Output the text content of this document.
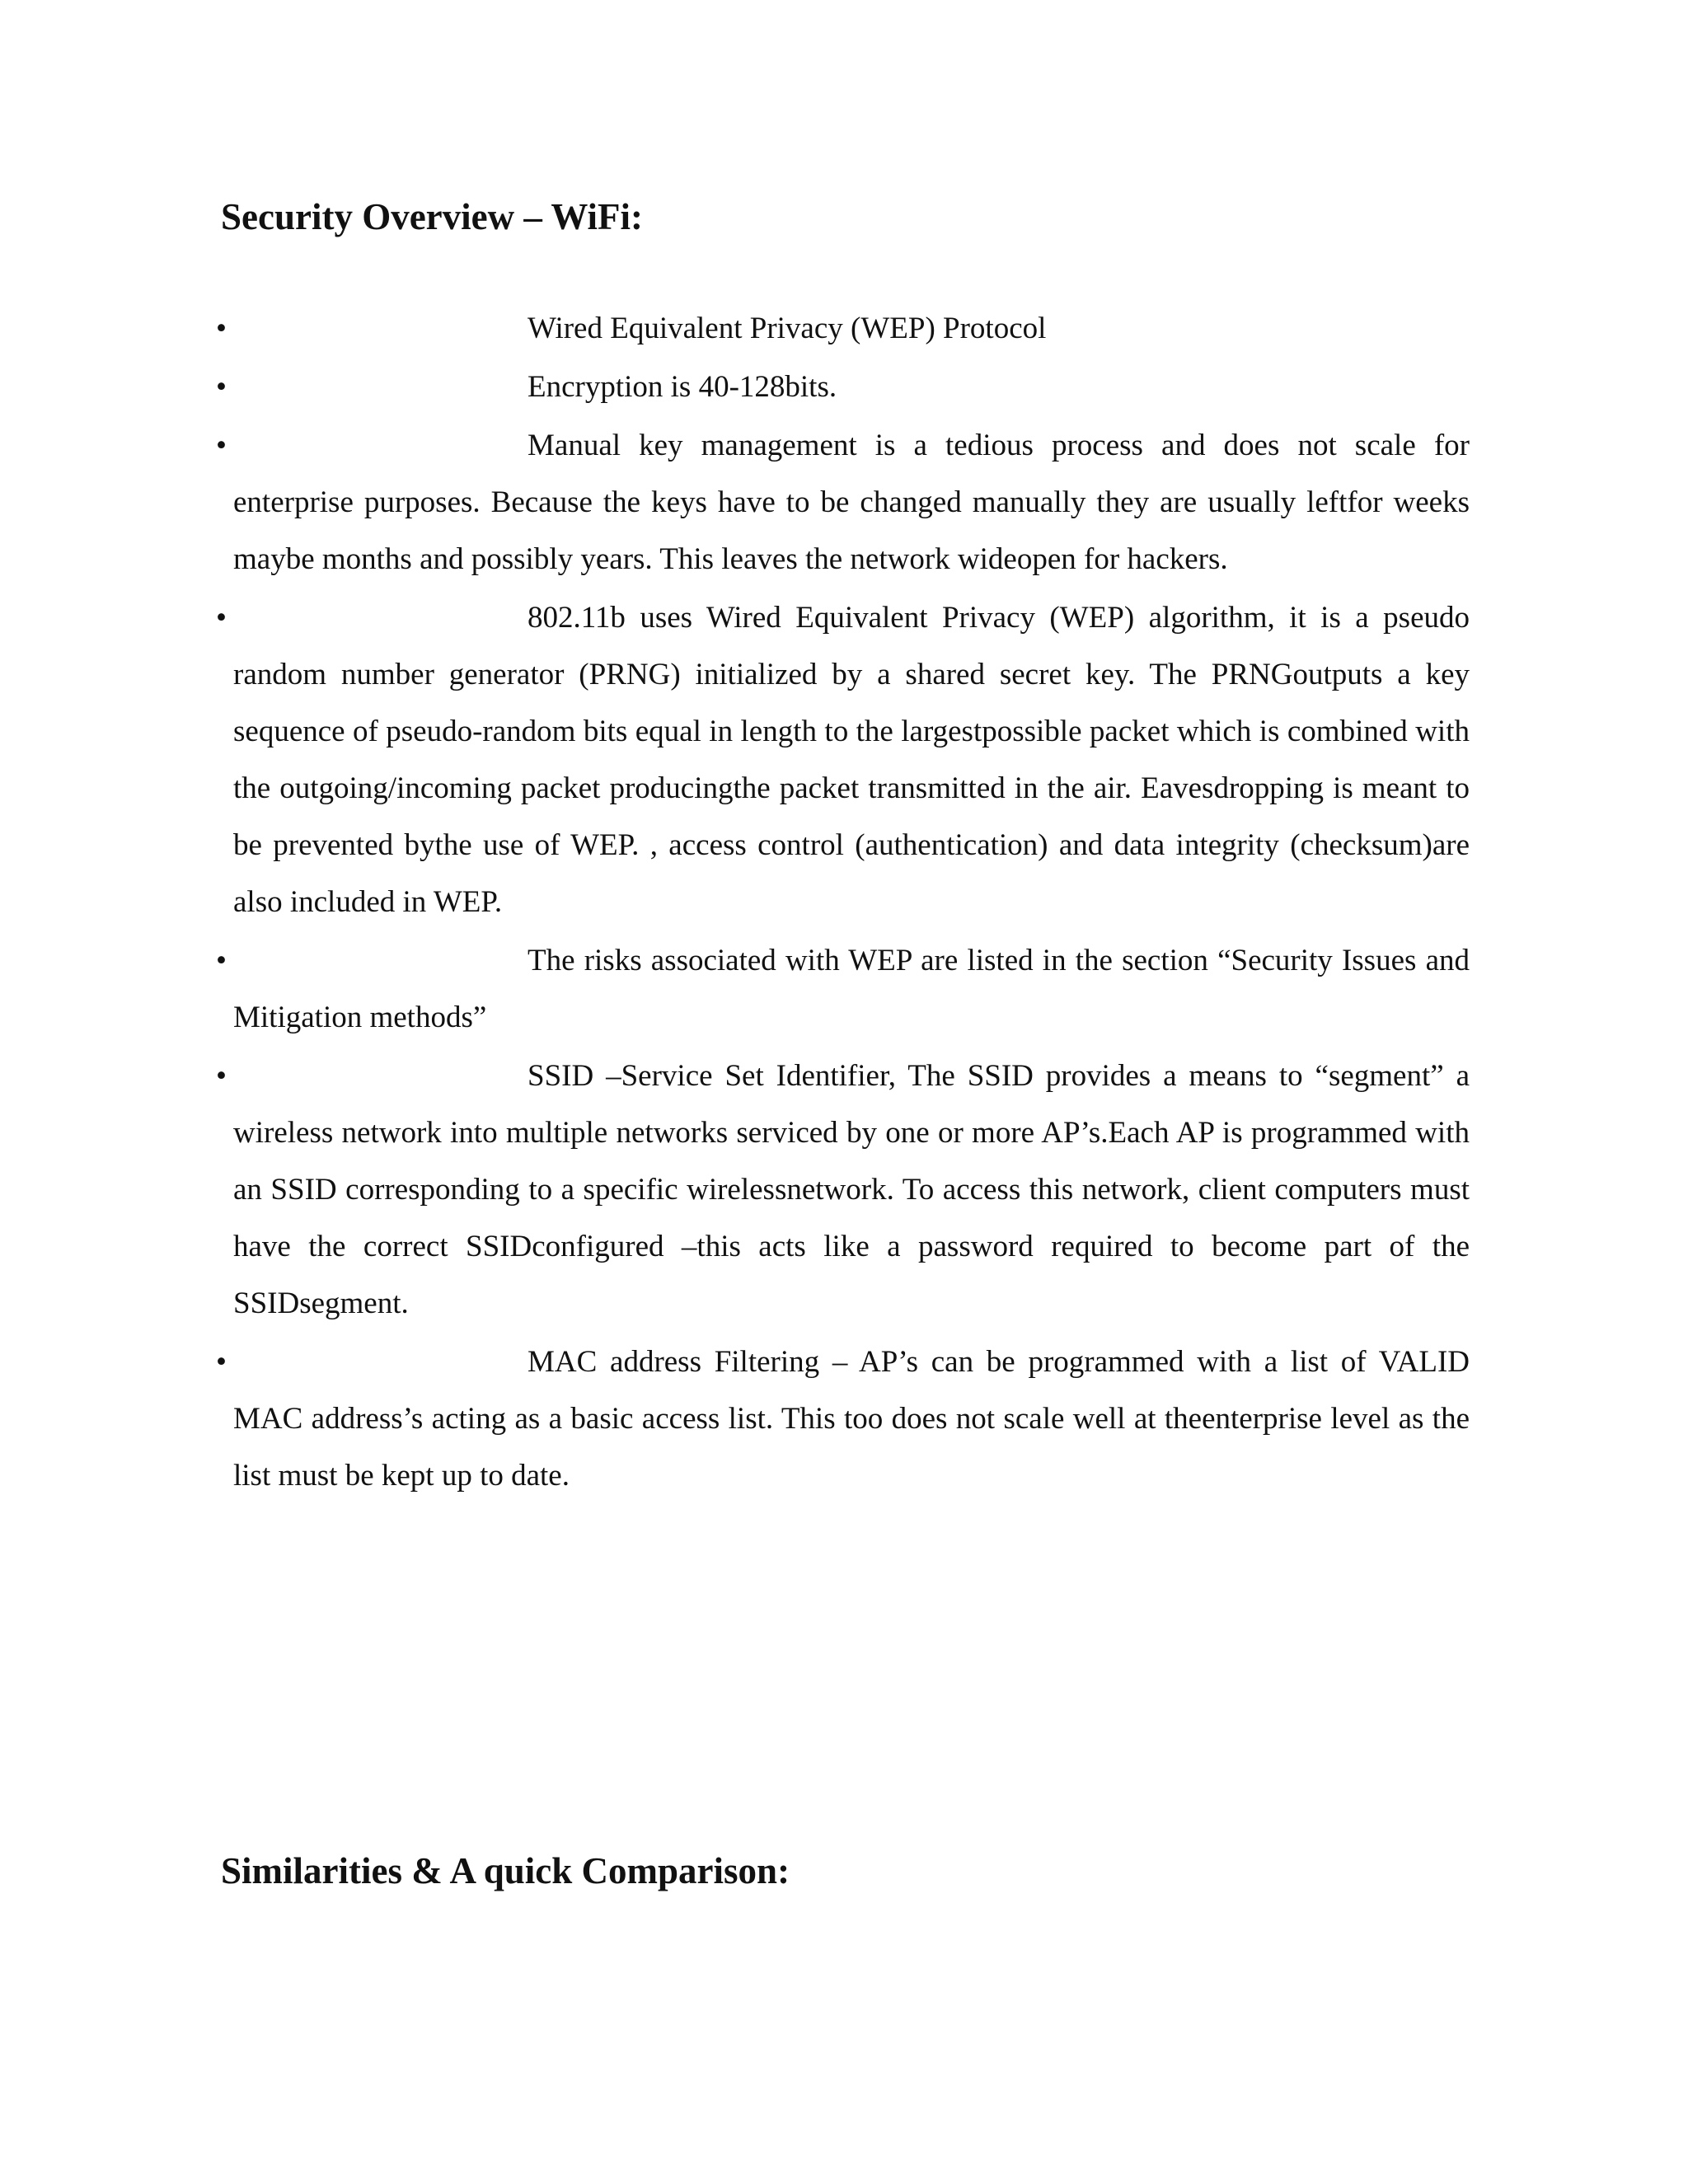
Security Overview – WiFi:
•	Wired Equivalent Privacy (WEP) Protocol
•	Encryption is 40-128bits.
•	Manual key management is a tedious process and does not scale for enterprise purposes. Because the keys have to be changed manually they are usually leftfor weeks maybe months and possibly years. This leaves the network wideopen for hackers.
•	802.11b uses Wired Equivalent Privacy (WEP) algorithm, it is a pseudo random number generator (PRNG) initialized by a shared secret key. The PRNGoutputs a key sequence of pseudo-random bits equal in length to the largestpossible packet which is combined with the outgoing/incoming packet producingthe packet transmitted in the air. Eavesdropping is meant to be prevented bythe use of WEP. , access control (authentication) and data integrity (checksum)are also included in WEP.
•	The risks associated with WEP are listed in the section “Security Issues and Mitigation methods”
•	SSID –Service Set Identifier, The SSID provides a means to “segment” a wireless network into multiple networks serviced by one or more AP’s.Each AP is programmed with an SSID corresponding to a specific wirelessnetwork. To access this network, client computers must have the correct SSIDconfigured –this acts like a password required to become part of the SSIDsegment.
•	MAC address Filtering – AP’s can be programmed with a list of VALID MAC address’s acting as a basic access list. This too does not scale well at theenterprise level as the list must be kept up to date.
Similarities & A quick Comparison:
